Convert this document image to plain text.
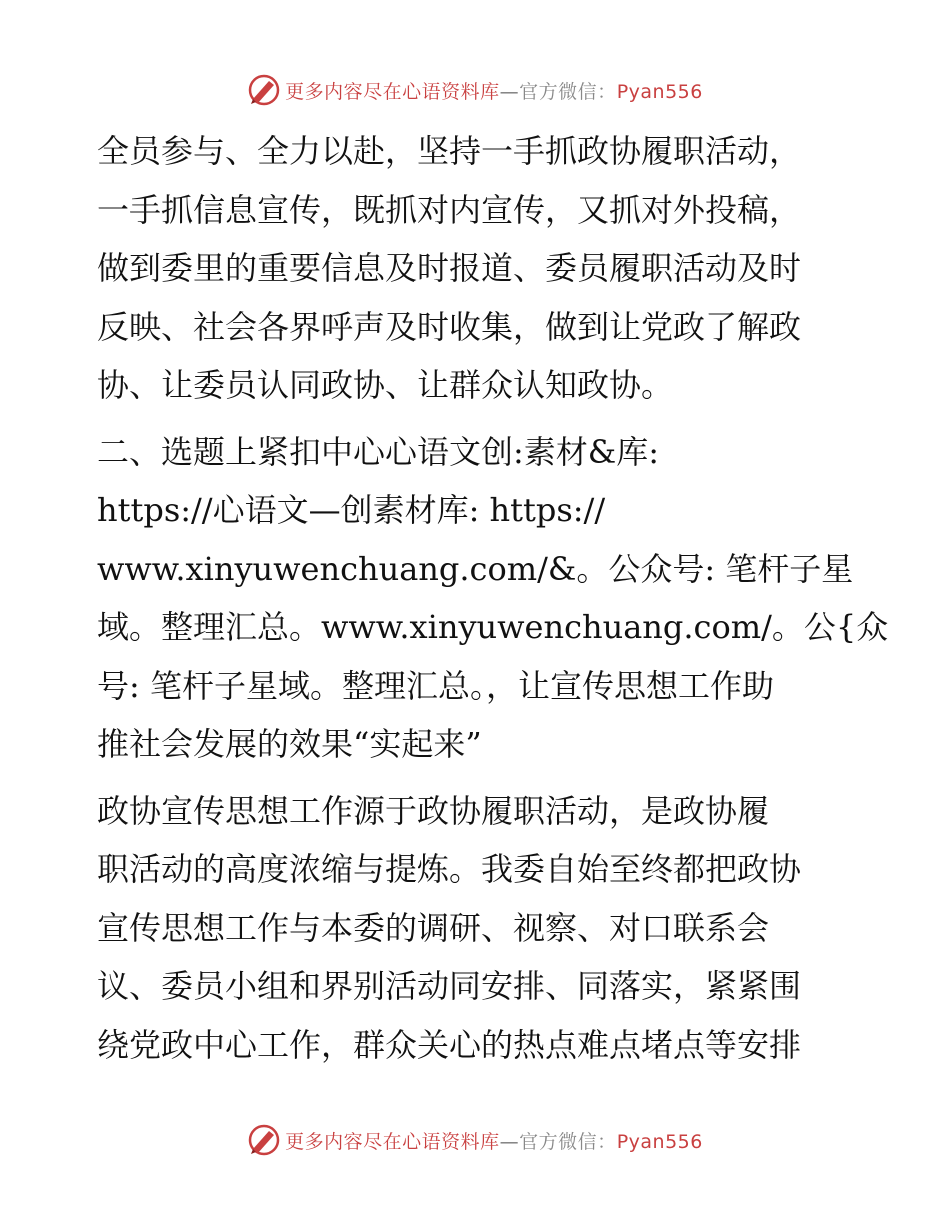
更多内容尽在心语资料库—官方微信：Pyan556

全员参与、全力以赴，坚持一手抓政协履职活动，
一手抓信息宣传，既抓对内宣传，又抓对外投稿，
做到委里的重要信息及时报道、委员履职活动及时
反映、社会各界呼声及时收集，做到让党政了解政
协、让委员认同政协、让群众认知政协。

二、选题上紧扣中心心语文创:素材&库:
https://心语文—创素材库: https://
www.xinyuwenchuang.com/&。公众号: 笔杆子星
域。整理汇总。www.xinyuwenchuang.com/。公{众
号: 笔杆子星域。整理汇总。，让宣传思想工作助
推社会发展的效果“实起来”

政协宣传思想工作源于政协履职活动，是政协履
职活动的高度浓缩与提炼。我委自始至终都把政协
宣传思想工作与本委的调研、视察、对口联系会
议、委员小组和界别活动同安排、同落实，紧紧围
绕党政中心工作，群众关心的热点难点堵点等安排

更多内容尽在心语资料库—官方微信：Pyan556
